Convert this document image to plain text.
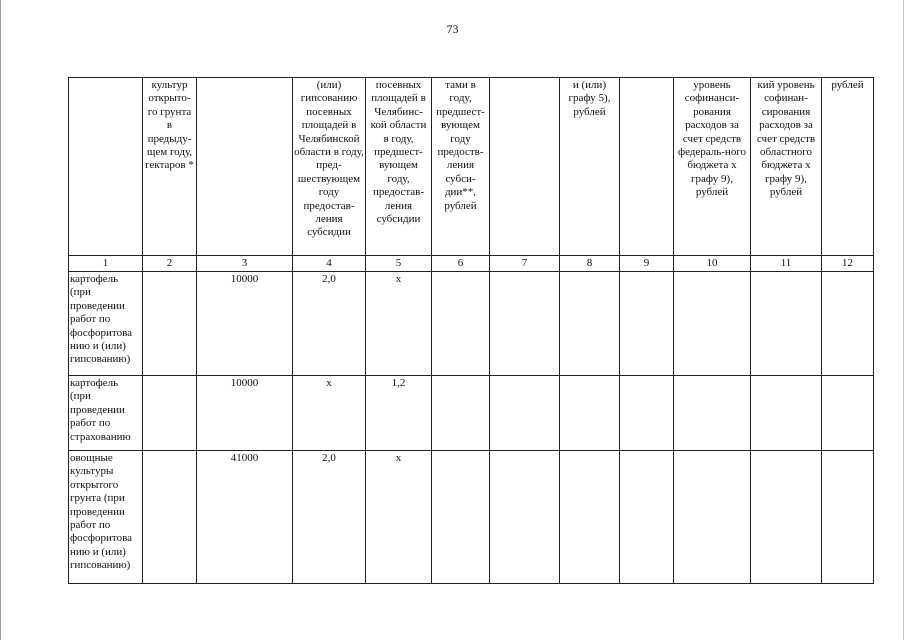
73
	культур открыто-го грунта в предыду-щем году, гектаров *		(или) гипсованию посевных площадей в Челябинской области в году, пред-шествующем году предостав-ления субсидии	посевных площадей в Челябинс-кой области в году, предшест-вующем году, предостав-ления субсидии	тами в году, предшест-вующем году предоств-ления субси-дии**, рублей		и (или) графу 5), рублей		уровень софинанси-рования расходов за счет средств федераль-ного бюджета x графу 9), рублей	кий уровень софинан-сирования расходов за счет средств областного бюджета x графу 9), рублей	рублей
1	2	3	4	5	6	7	8	9	10	11	12
картофель (при проведении работ по фосфоритова нию и (или) гипсованию)		10000	2,0	х							
картофель (при проведении работ по страхованию		10000	х	1,2							
овощные культуры открытого грунта (при проведении работ по фосфоритова нию и (или) гипсованию)		41000	2,0	х							
